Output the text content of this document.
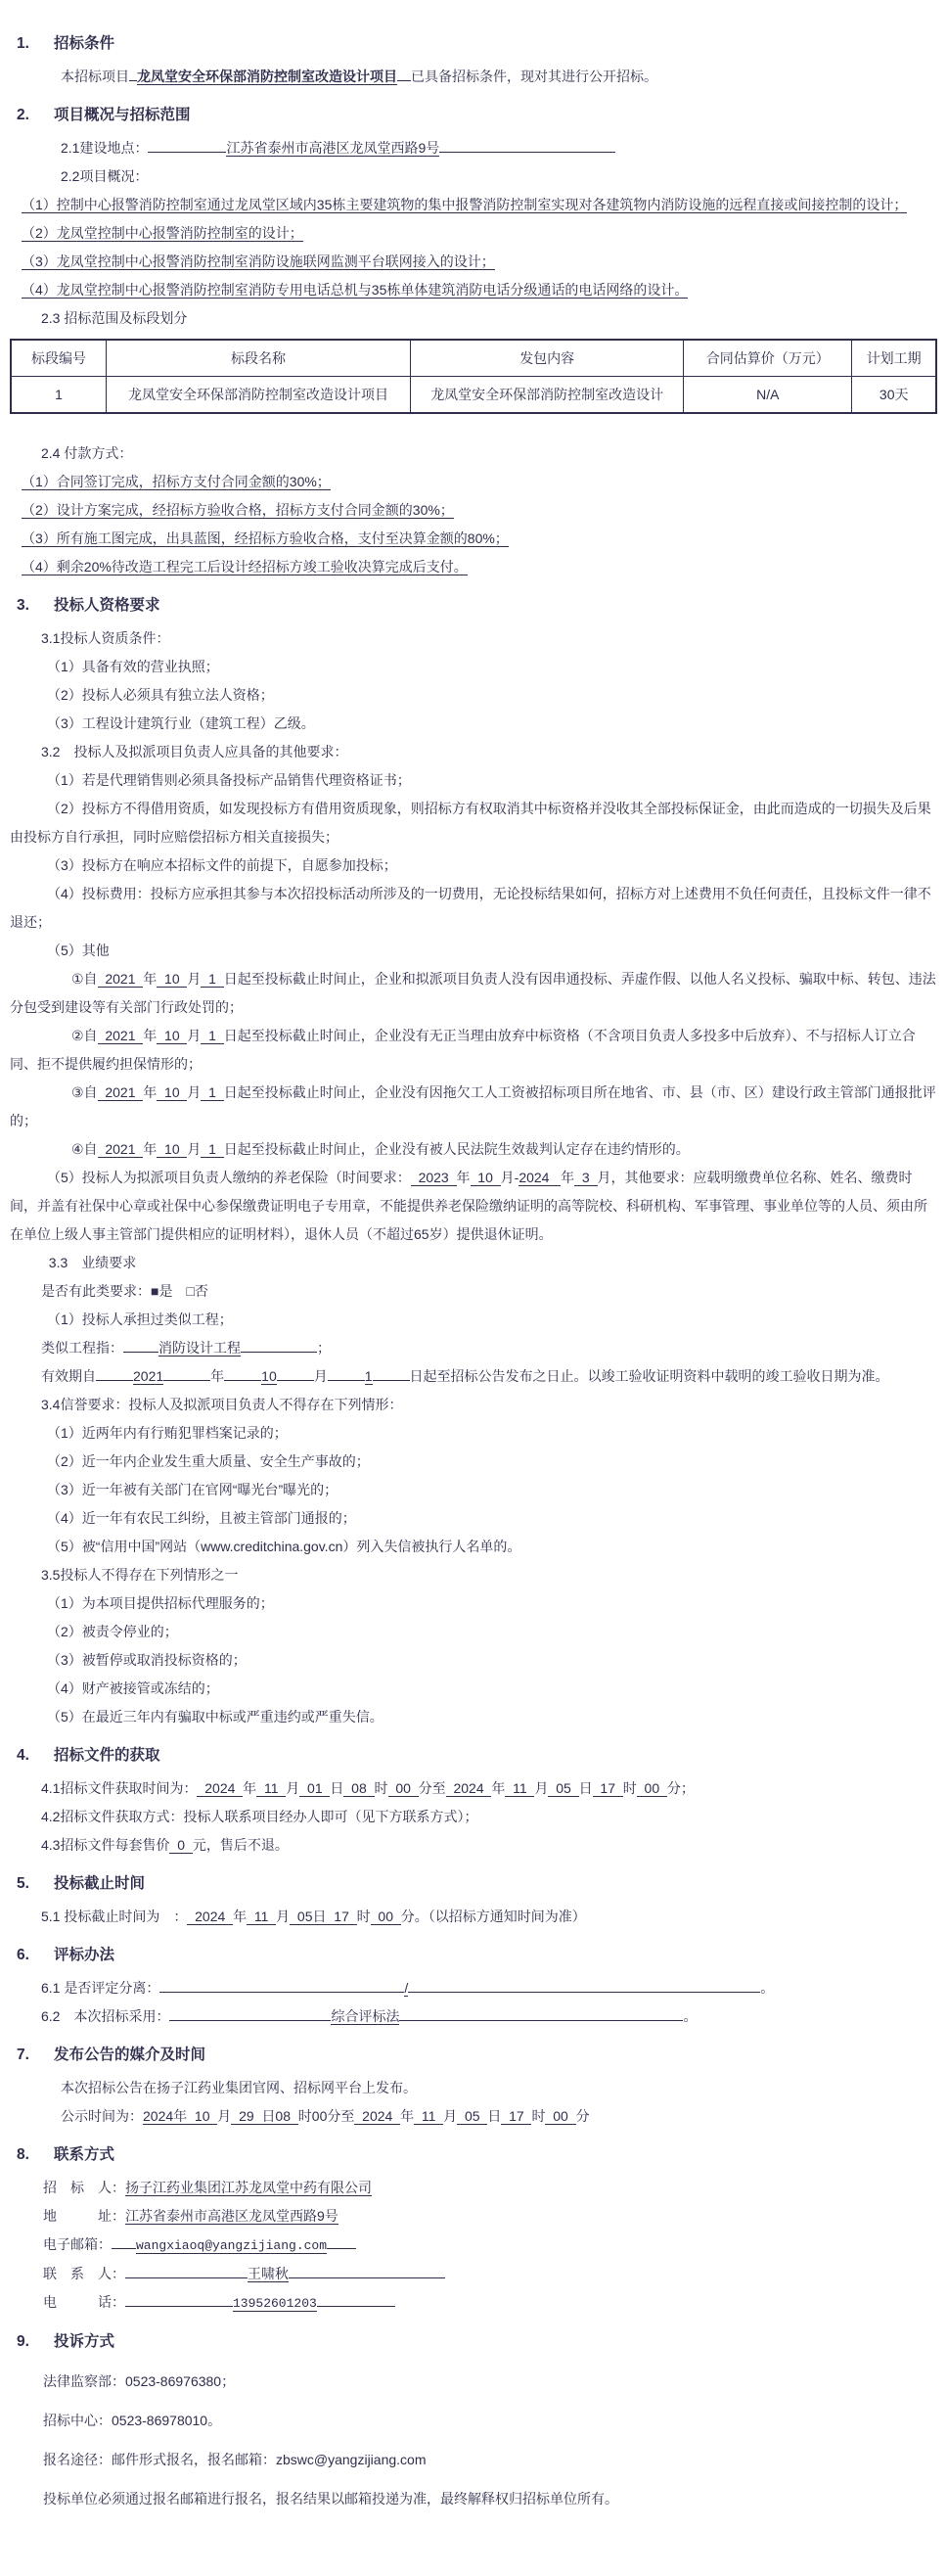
1. 招标条件
本招标项目 龙凤堂安全环保部消防控制室改造设计项目 已具备招标条件，现对其进行公开招标。
2. 项目概况与招标范围
2.1建设地点：	江苏省泰州市高港区龙凤堂西路9号
2.2项目概况：
（1）控制中心报警消防控制室通过龙凤堂区域内35栋主要建筑物的集中报警消防控制室实现对各建筑物内消防设施的远程直接或间接控制的设计；
（2）龙凤堂控制中心报警消防控制室的设计；
（3）龙凤堂控制中心报警消防控制室消防设施联网监测平台联网接入的设计；
（4）龙凤堂控制中心报警消防控制室消防专用电话总机与35栋单体建筑消防电话分级通话的电话网络的设计。
2.3 招标范围及标段划分
标段编号	标段名称	发包内容	合同估算价（万元）	计划工期
1	龙凤堂安全环保部消防控制室改造设计项目	龙凤堂安全环保部消防控制室改造设计	N/A	30天
2.4 付款方式：
（1）合同签订完成，招标方支付合同金额的30%；
（2）设计方案完成，经招标方验收合格，招标方支付合同金额的30%；
（3）所有施工图完成，出具蓝图，经招标方验收合格，支付至决算金额的80%；
（4）剩余20%待改造工程完工后设计经招标方竣工验收决算完成后支付。
3. 投标人资格要求
3.1投标人资质条件：
（1）具备有效的营业执照；
（2）投标人必须具有独立法人资格；
（3）工程设计建筑行业（建筑工程）乙级。
3.2　投标人及拟派项目负责人应具备的其他要求：
（1）若是代理销售则必须具备投标产品销售代理资格证书；
（2）投标方不得借用资质，如发现投标方有借用资质现象，则招标方有权取消其中标资格并没收其全部投标保证金，由此而造成的一切损失及后果由投标方自行承担，同时应赔偿招标方相关直接损失；
（3）投标方在响应本招标文件的前提下，自愿参加投标；
（4）投标费用：投标方应承担其参与本次招投标活动所涉及的一切费用，无论投标结果如何，招标方对上述费用不负任何责任，且投标文件一律不退还；
（5）其他
①自  2021  年  10  月  1  日起至投标截止时间止，企业和拟派项目负责人没有因串通投标、弄虚作假、以他人名义投标、骗取中标、转包、违法分包受到建设等有关部门行政处罚的；
②自  2021  年  10  月  1  日起至投标截止时间止，企业没有无正当理由放弃中标资格（不含项目负责人多投多中后放弃）、不与招标人订立合同、拒不提供履约担保情形的；
③自  2021  年  10  月  1  日起至投标截止时间止，企业没有因拖欠工人工资被招标项目所在地省、市、县（市、区）建设行政主管部门通报批评的；
④自  2021  年  10  月  1  日起至投标截止时间止，企业没有被人民法院生效裁判认定存在违约情形的。
（5）投标人为拟派项目负责人缴纳的养老保险（时间要求：  2023  年  10  月-2024   年  3  月，其他要求：应载明缴费单位名称、姓名、缴费时间，并盖有社保中心章或社保中心参保缴费证明电子专用章，不能提供养老保险缴纳证明的高等院校、科研机构、军事管理、事业单位等的人员、须由所在单位上级人事主管部门提供相应的证明材料），退休人员（不超过65岁）提供退休证明。
3.3　业绩要求
是否有此类要求：■是　 □否
（1）投标人承担过类似工程；
类似工程指：	消防设计工程	；
有效期自	2021	年	10	月	1	日起至招标公告发布之日止。以竣工验收证明资料中载明的竣工验收日期为准。
3.4信誉要求：投标人及拟派项目负责人不得存在下列情形：
（1）近两年内有行贿犯罪档案记录的；
（2）近一年内企业发生重大质量、安全生产事故的；
（3）近一年被有关部门在官网“曝光台”曝光的；
（4）近一年有农民工纠纷，且被主管部门通报的；
（5）被“信用中国”网站（www.creditchina.gov.cn）列入失信被执行人名单的。
3.5投标人不得存在下列情形之一
（1）为本项目提供招标代理服务的；
（2）被责令停业的；
（3）被暂停或取消投标资格的；
（4）财产被接管或冻结的；
（5）在最近三年内有骗取中标或严重违约或严重失信。
4. 招标文件的获取
4.1招标文件获取时间为：  2024  年  11  月  01  日  08  时  00  分至  2024  年  11  月  05  日  17  时  00  分；
4.2招标文件获取方式：投标人联系项目经办人即可（见下方联系方式）；
4.3招标文件每套售价  0  元，售后不退。
5. 投标截止时间
5.1 投标截止时间为　：  2024  年  11  月  05日  17  时  00  分。（以招标方通知时间为准）
6. 评标办法
6.1 是否评定分离：	/	。
6.2　本次招标采用：	综合评标法	。
7. 发布公告的媒介及时间
本次招标公告在扬子江药业集团官网、招标网平台上发布。
公示时间为：2024年  10  月  29  日08 时00分至  2024  年  11  月  05  日  17  时  00  分
8. 联系方式
招　标　人：扬子江药业集团江苏龙凤堂中药有限公司
地　　　址：江苏省泰州市高港区龙凤堂西路9号
电子邮箱： wangxiaoq@yangzijiang.com
联　系　人：	王啸秋
电　　　话：	13952601203
9. 投诉方式
法律监察部：0523-86976380；
招标中心：0523-86978010。
报名途径：邮件形式报名，报名邮箱：zbswc@yangzijiang.com
投标单位必须通过报名邮箱进行报名，报名结果以邮箱投递为准，最终解释权归招标单位所有。
